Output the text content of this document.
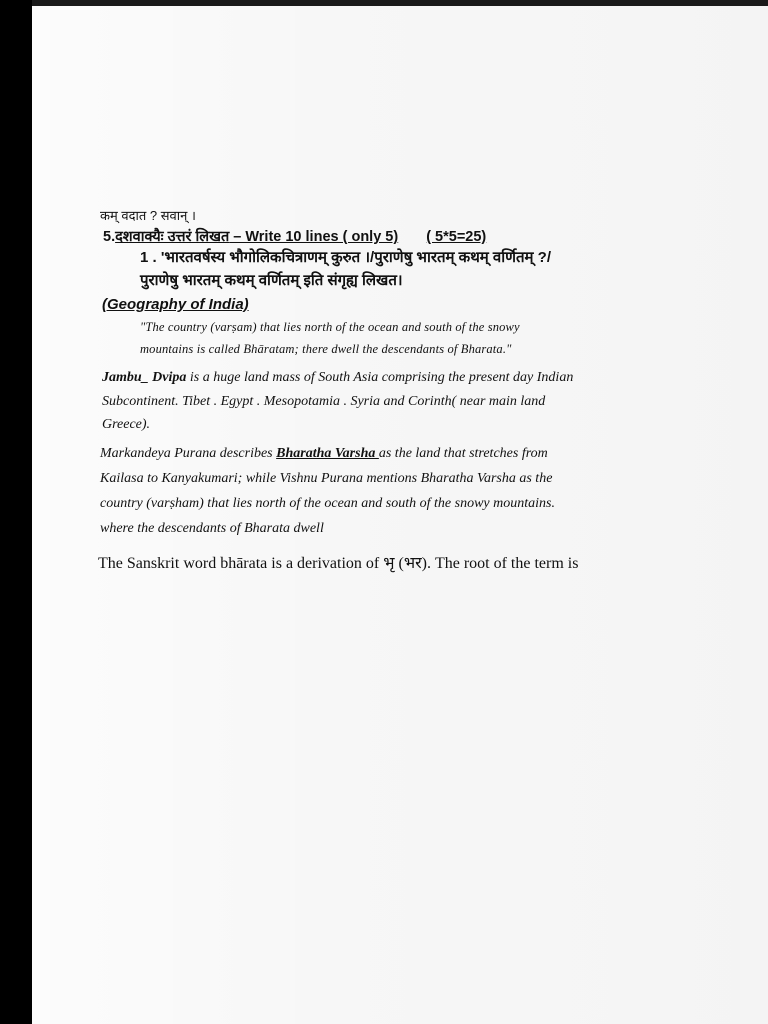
कम् वदात ? सवान् ।
5.दशवाक्यैः उत्तरं लिखत – Write 10 lines ( only 5) ( 5*5=25)
1 . 'भारतवर्षस्य भौगोलिकचित्राणम् कुरुत ।/पुराणेषु भारतम् कथम् वर्णितम् ?/
पुराणेषु भारतम् कथम् वर्णितम् इति संगृह्य लिखत।
(Geography of India)
"The country (varṣam) that lies north of the ocean and south of the snowy
mountains is called Bhāratam; there dwell the descendants of Bharata."
Jambu_ Dvipa is a huge land mass of South Asia comprising the present day Indian
Subcontinent. Tibet . Egypt . Mesopotamia . Syria and Corinth( near main land
Greece).
Markandeya Purana describes Bharatha Varsha as the land that stretches from
Kailasa to Kanyakumari; while Vishnu Purana mentions Bharatha Varsha as the
country (varṣham) that lies north of the ocean and south of the snowy mountains.
where the descendants of Bharata dwell
The Sanskrit word bhārata is a derivation of भृ (भर). The root of the term is
